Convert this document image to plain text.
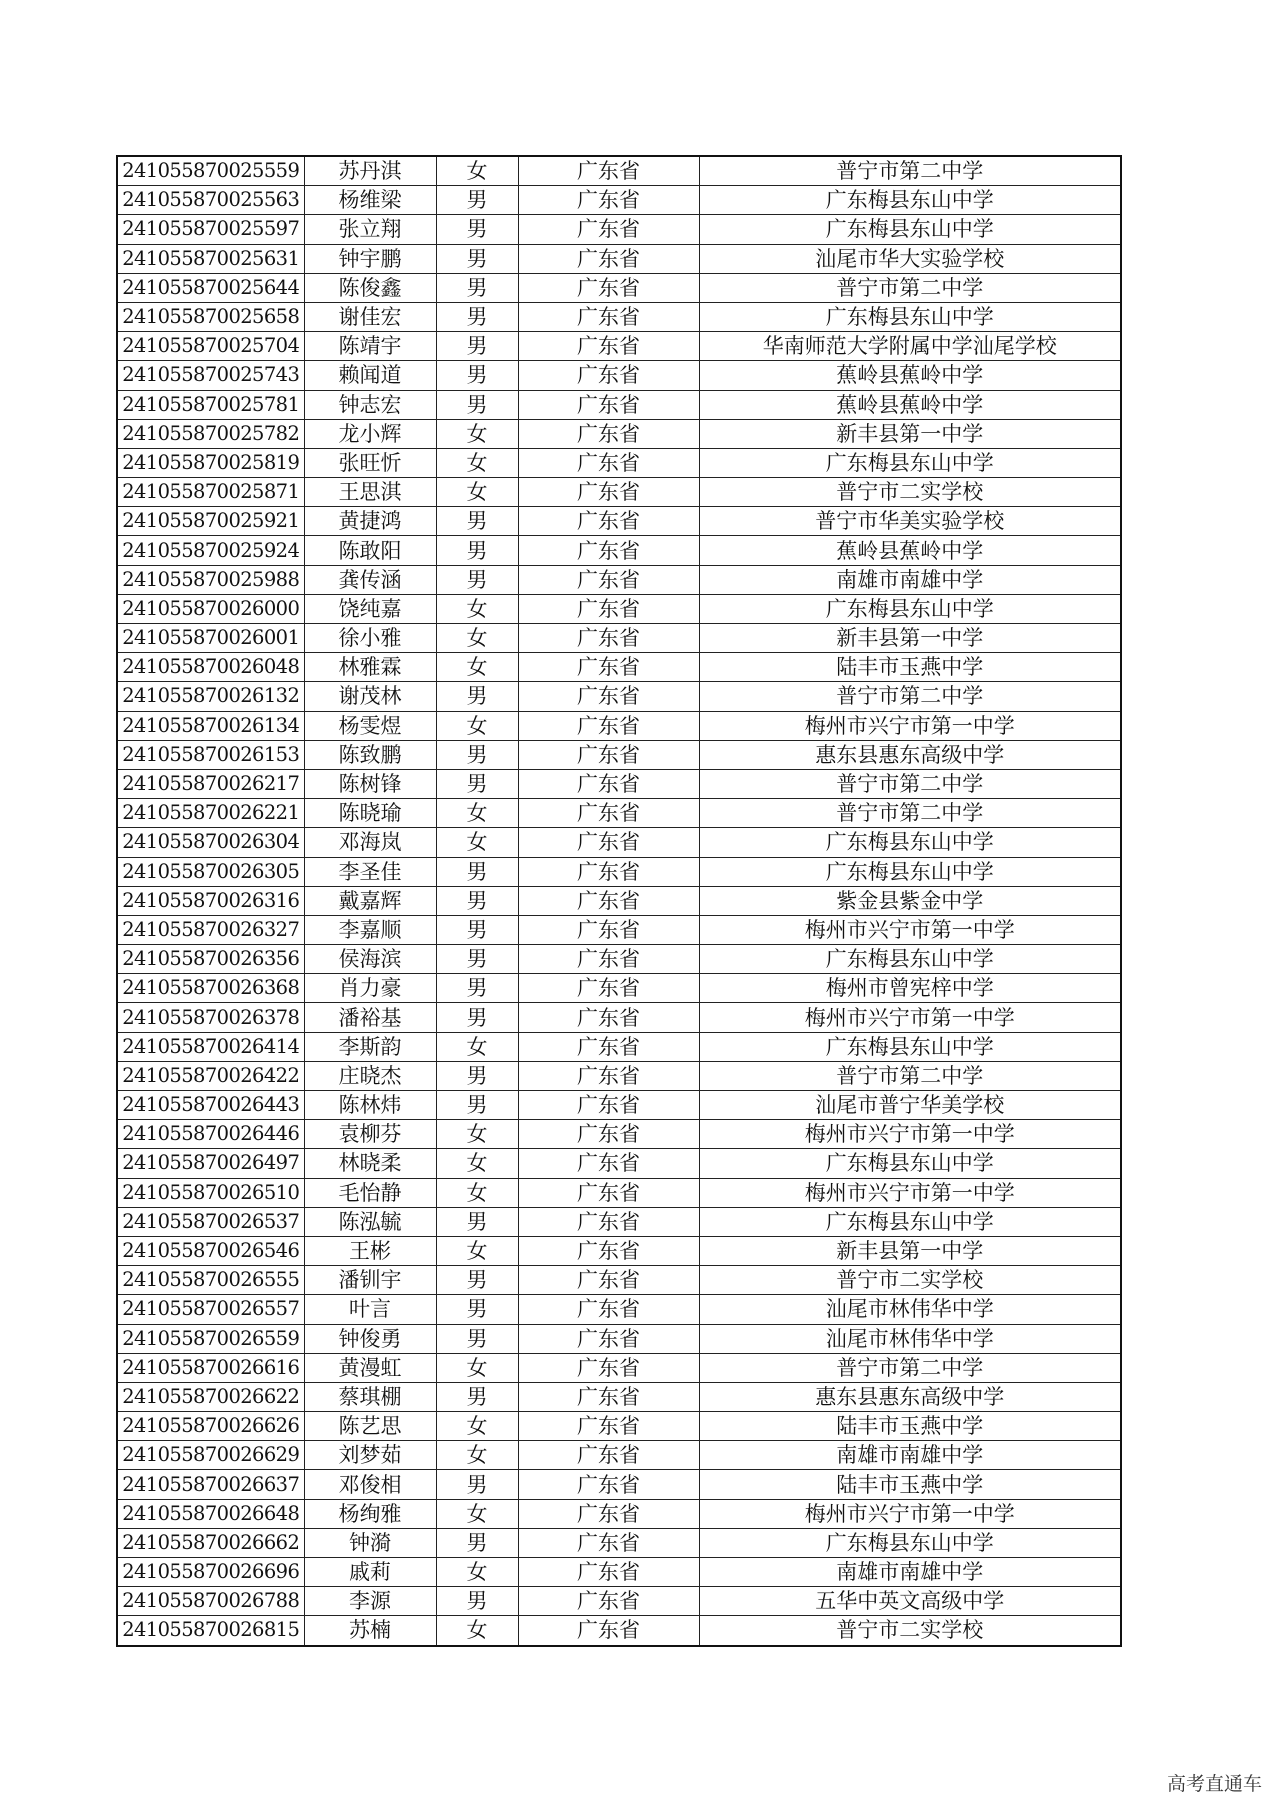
241055870025559	苏丹淇	女	广东省	普宁市第二中学
241055870025563	杨维梁	男	广东省	广东梅县东山中学
241055870025597	张立翔	男	广东省	广东梅县东山中学
241055870025631	钟宇鹏	男	广东省	汕尾市华大实验学校
241055870025644	陈俊鑫	男	广东省	普宁市第二中学
241055870025658	谢佳宏	男	广东省	广东梅县东山中学
241055870025704	陈靖宇	男	广东省	华南师范大学附属中学汕尾学校
241055870025743	赖闻道	男	广东省	蕉岭县蕉岭中学
241055870025781	钟志宏	男	广东省	蕉岭县蕉岭中学
241055870025782	龙小辉	女	广东省	新丰县第一中学
241055870025819	张旺忻	女	广东省	广东梅县东山中学
241055870025871	王思淇	女	广东省	普宁市二实学校
241055870025921	黄捷鸿	男	广东省	普宁市华美实验学校
241055870025924	陈敢阳	男	广东省	蕉岭县蕉岭中学
241055870025988	龚传涵	男	广东省	南雄市南雄中学
241055870026000	饶纯嘉	女	广东省	广东梅县东山中学
241055870026001	徐小雅	女	广东省	新丰县第一中学
241055870026048	林雅霖	女	广东省	陆丰市玉燕中学
241055870026132	谢茂林	男	广东省	普宁市第二中学
241055870026134	杨雯煜	女	广东省	梅州市兴宁市第一中学
241055870026153	陈致鹏	男	广东省	惠东县惠东高级中学
241055870026217	陈树锋	男	广东省	普宁市第二中学
241055870026221	陈晓瑜	女	广东省	普宁市第二中学
241055870026304	邓海岚	女	广东省	广东梅县东山中学
241055870026305	李圣佳	男	广东省	广东梅县东山中学
241055870026316	戴嘉辉	男	广东省	紫金县紫金中学
241055870026327	李嘉顺	男	广东省	梅州市兴宁市第一中学
241055870026356	侯海滨	男	广东省	广东梅县东山中学
241055870026368	肖力豪	男	广东省	梅州市曾宪梓中学
241055870026378	潘裕基	男	广东省	梅州市兴宁市第一中学
241055870026414	李斯韵	女	广东省	广东梅县东山中学
241055870026422	庄晓杰	男	广东省	普宁市第二中学
241055870026443	陈林炜	男	广东省	汕尾市普宁华美学校
241055870026446	袁柳芬	女	广东省	梅州市兴宁市第一中学
241055870026497	林晓柔	女	广东省	广东梅县东山中学
241055870026510	毛怡静	女	广东省	梅州市兴宁市第一中学
241055870026537	陈泓毓	男	广东省	广东梅县东山中学
241055870026546	王彬	女	广东省	新丰县第一中学
241055870026555	潘钏宇	男	广东省	普宁市二实学校
241055870026557	叶言	男	广东省	汕尾市林伟华中学
241055870026559	钟俊勇	男	广东省	汕尾市林伟华中学
241055870026616	黄漫虹	女	广东省	普宁市第二中学
241055870026622	蔡琪棚	男	广东省	惠东县惠东高级中学
241055870026626	陈艺思	女	广东省	陆丰市玉燕中学
241055870026629	刘梦茹	女	广东省	南雄市南雄中学
241055870026637	邓俊相	男	广东省	陆丰市玉燕中学
241055870026648	杨绚雅	女	广东省	梅州市兴宁市第一中学
241055870026662	钟漪	男	广东省	广东梅县东山中学
241055870026696	戚莉	女	广东省	南雄市南雄中学
241055870026788	李源	男	广东省	五华中英文高级中学
241055870026815	苏楠	女	广东省	普宁市二实学校
高考直通车
